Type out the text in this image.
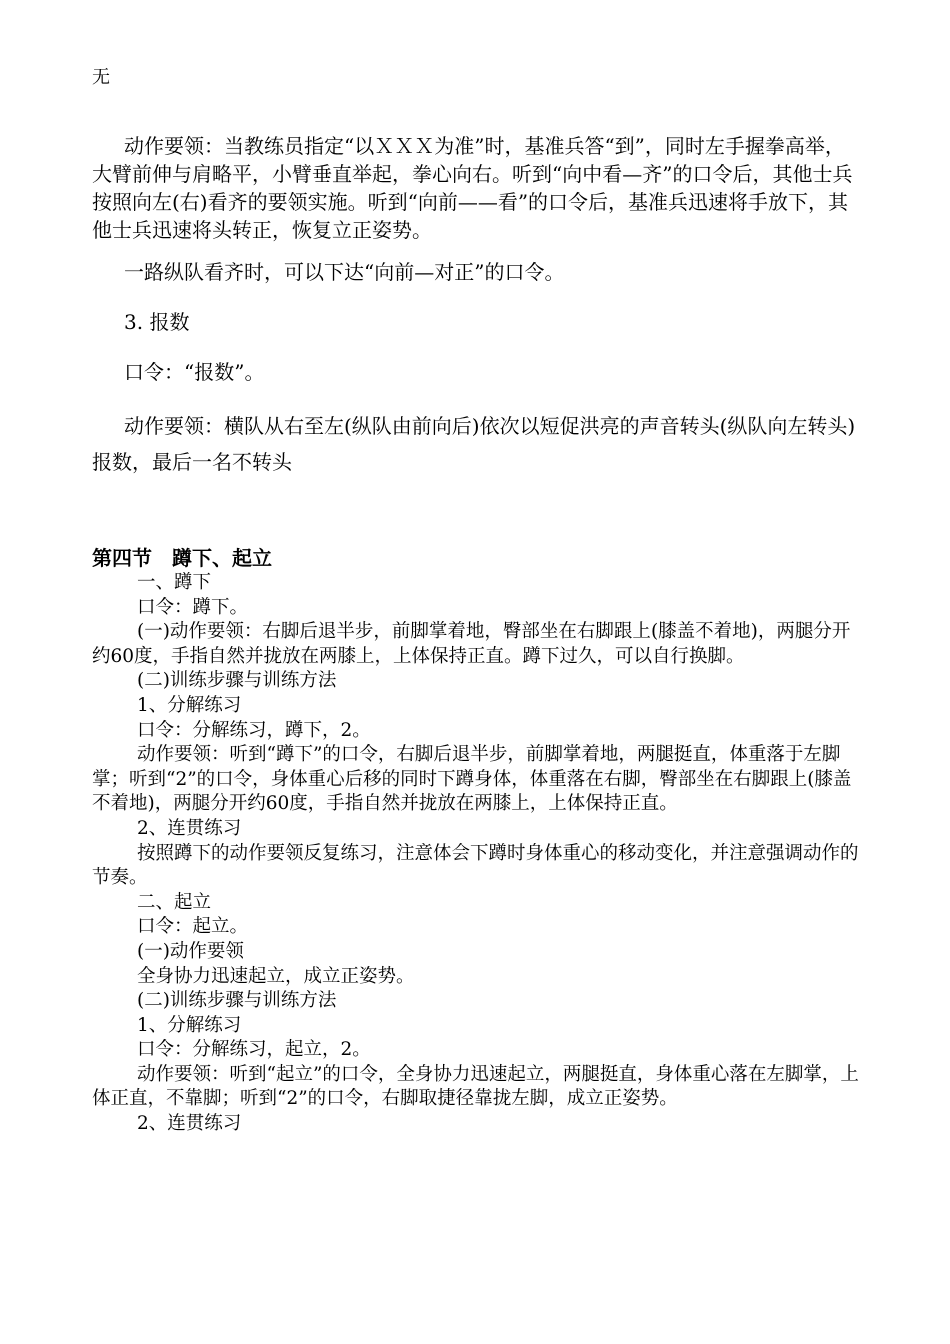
无

动作要领：当教练员指定“以ＸＸＸ为准”时，基准兵答“到”，同时左手握拳高举，大臂前伸与肩略平，小臂垂直举起，拳心向右。听到“向中看—齐”的口令后，其他士兵按照向左(右)看齐的要领实施。听到“向前——看”的口令后，基准兵迅速将手放下，其他士兵迅速将头转正，恢复立正姿势。

一路纵队看齐时，可以下达“向前—对正”的口令。

3. 报数

口令：“报数”。

动作要领：横队从右至左(纵队由前向后)依次以短促洪亮的声音转头(纵队向左转头)报数，最后一名不转头

第四节　蹲下、起立

一、蹲下

口令：蹲下。

(一)动作要领：右脚后退半步，前脚掌着地，臀部坐在右脚跟上(膝盖不着地)，两腿分开约60度，手指自然并拢放在两膝上，上体保持正直。蹲下过久，可以自行换脚。

(二)训练步骤与训练方法

1、分解练习

口令：分解练习，蹲下，2。

动作要领：听到“蹲下”的口令，右脚后退半步，前脚掌着地，两腿挺直，体重落于左脚掌；听到“2”的口令，身体重心后移的同时下蹲身体，体重落在右脚，臀部坐在右脚跟上(膝盖不着地)，两腿分开约60度，手指自然并拢放在两膝上，上体保持正直。

2、连贯练习

按照蹲下的动作要领反复练习，注意体会下蹲时身体重心的移动变化，并注意强调动作的节奏。

二、起立

口令：起立。

(一)动作要领

全身协力迅速起立，成立正姿势。

(二)训练步骤与训练方法

1、分解练习

口令：分解练习，起立，2。

动作要领：听到“起立”的口令，全身协力迅速起立，两腿挺直，身体重心落在左脚掌，上体正直，不靠脚；听到“2”的口令，右脚取捷径靠拢左脚，成立正姿势。

2、连贯练习
